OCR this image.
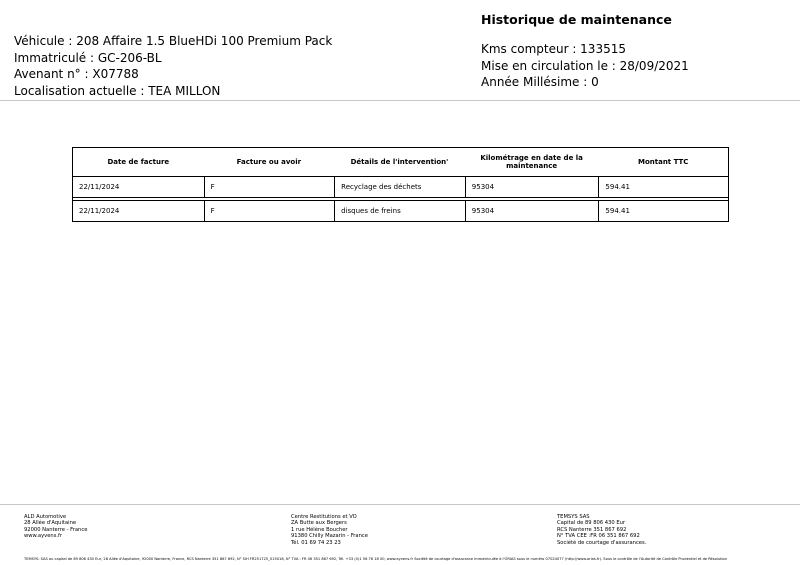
Véhicule : 208 Affaire 1.5 BlueHDi 100 Premium Pack
Immatriculé : GC-206-BL
Avenant n° : X07788
Localisation actuelle : TEA MILLON
Historique de maintenance
Kms compteur : 133515
Mise en circulation le : 28/09/2021
Année Millésime : 0
Date de facture	Facture ou avoir	Détails de l'intervention'	Kilométrage en date de la maintenance	Montant TTC
22/11/2024	F	Recyclage des déchets	95304	594.41

22/11/2024	F	disques de freins	95304	594.41
ALD Automotive
28 Allée d'Aquitaine
92000 Nanterre - France
www.ayvens.fr
Centre Restitutions et VO
ZA Butte aux Bergers
1 rue Hélène Boucher
91380 Chilly Mazarin - France
Tél. 01 69 74 23 23
TEMSYS SAS
Capital de 89 806 430 Eur
RCS Nanterre 351 867 692
N° TVA CEE :FR 06 351 867 692
Société de courtage d'assurances.
TEMSYS: SAS au capital de 89 806 430 Eur, 28 Allée d'Aquitaine, 92000 Nanterre, France, RCS Nanterre 351 867 692, N° SIH FR251725_015018, N° TVA : FR 06 351 867 692, Tél. +33 (0)1 56 76 18 00, www.ayvens.fr Société de courtage d'assurance immatriculée à l'ORIAS sous le numéro 07024077 (http://www.orias.fr). Sous le contrôle de l'Autorité de Contrôle Prudentiel et de Résolution
